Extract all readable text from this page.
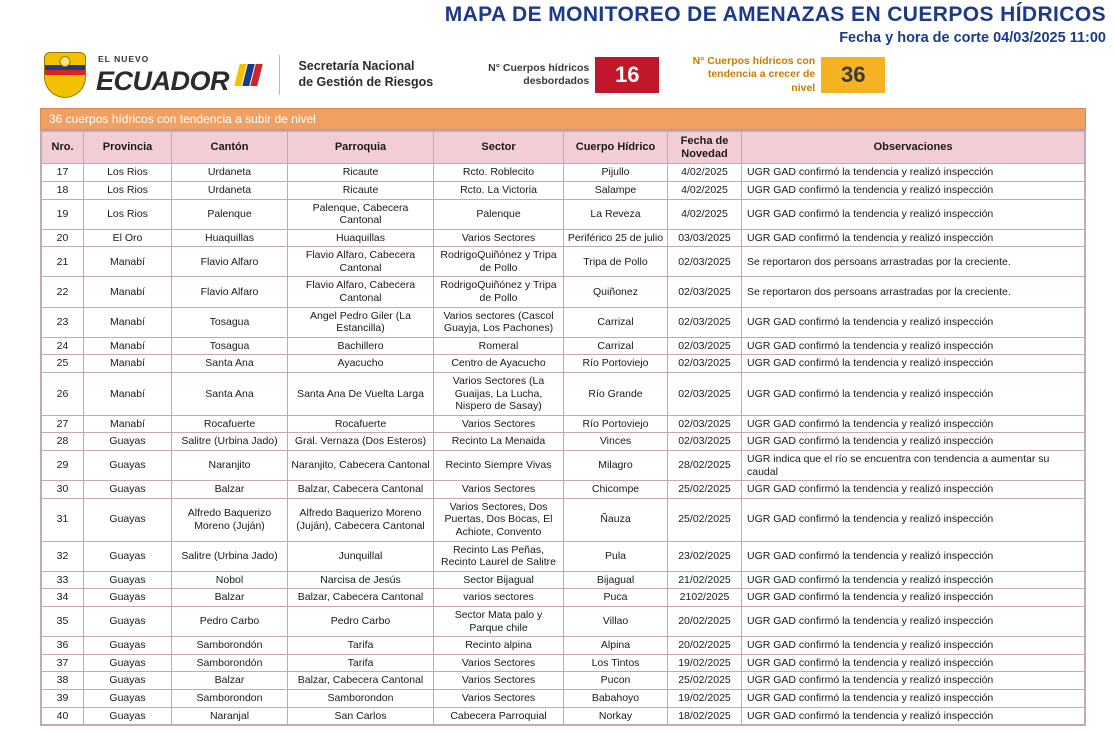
MAPA DE MONITOREO DE AMENAZAS EN CUERPOS HÍDRICOS
Fecha y hora de corte 04/03/2025 11:00
EL NUEVO
ECUADOR	Secretaría Nacional
de Gestión de Riesgos
N° Cuerpos hídricos desbordados	16
N° Cuerpos hídricos con tendencia a crecer de nivel
36
36 cuerpos hídricos con tendencia a subir de nivel
Nro.	Provincia	Cantón	Parroquia	Sector	Cuerpo Hídrico	Fecha de Novedad	Observaciones
17	Los Rios	Urdaneta	Ricaute	Rcto. Roblecito	Pijullo	4/02/2025	UGR GAD confirmó la tendencia y realizó inspección
18	Los Rios	Urdaneta	Ricaute	Rcto. La Victoria	Salampe	4/02/2025	UGR GAD confirmó la tendencia y realizó inspección
19	Los Rios	Palenque	Palenque, Cabecera Cantonal	Palenque	La Reveza	4/02/2025	UGR GAD confirmó la tendencia y realizó inspección
20	El Oro	Huaquillas	Huaquillas	Varios Sectores	Periférico 25 de julio	03/03/2025	UGR GAD confirmó la tendencia y realizó inspección
21	Manabí	Flavio Alfaro	Flavio Alfaro, Cabecera Cantonal	RodrigoQuiñónez y Tripa de Pollo	Tripa de Pollo	02/03/2025	Se reportaron dos persoans arrastradas por la creciente.
22	Manabí	Flavio Alfaro	Flavio Alfaro, Cabecera Cantonal	RodrigoQuiñónez y Tripa de Pollo	Quiñonez	02/03/2025	Se reportaron dos persoans arrastradas por la creciente.
23	Manabí	Tosagua	Angel Pedro Giler (La Estancilla)	Varios sectores (Cascol Guayja, Los Pachones)	Carrizal	02/03/2025	UGR GAD confirmó la tendencia y realizó inspección
24	Manabí	Tosagua	Bachillero	Romeral	Carrizal	02/03/2025	UGR GAD confirmó la tendencia y realizó inspección
25	Manabí	Santa Ana	Ayacucho	Centro de Ayacucho	Río Portoviejo	02/03/2025	UGR GAD confirmó la tendencia y realizó inspección
26	Manabí	Santa Ana	Santa Ana De Vuelta Larga	Varios Sectores (La Guaijas, La Lucha, Nispero de Sasay)	Río Grande	02/03/2025	UGR GAD confirmó la tendencia y realizó inspección
27	Manabí	Rocafuerte	Rocafuerte	Varios Sectores	Río Portoviejo	02/03/2025	UGR GAD confirmó la tendencia y realizó inspección
28	Guayas	Salitre (Urbina Jado)	Gral. Vernaza (Dos Esteros)	Recinto La Menaida	Vinces	02/03/2025	UGR GAD confirmó la tendencia y realizó inspección
29	Guayas	Naranjito	Naranjito, Cabecera Cantonal	Recinto Siempre Vivas	Milagro	28/02/2025	UGR indica que el río se encuentra con tendencia a aumentar su caudal
30	Guayas	Balzar	Balzar, Cabecera Cantonal	Varios Sectores	Chicompe	25/02/2025	UGR GAD confirmó la tendencia y realizó inspección
31	Guayas	Alfredo Baquerizo Moreno (Juján)	Alfredo Baquerizo Moreno (Juján), Cabecera Cantonal	Varios Sectores, Dos Puertas, Dos Bocas, El Achiote, Convento	Ñauza	25/02/2025	UGR GAD confirmó la tendencia y realizó inspección
32	Guayas	Salitre (Urbina Jado)	Junquillal	Recinto Las Peñas, Recinto Laurel de Salitre	Pula	23/02/2025	UGR GAD confirmó la tendencia y realizó inspección
33	Guayas	Nobol	Narcisa de Jesús	Sector Bijagual	Bijagual	21/02/2025	UGR GAD confirmó la tendencia y realizó inspección
34	Guayas	Balzar	Balzar, Cabecera Cantonal	varios sectores	Puca	2102/2025	UGR GAD confirmó la tendencia y realizó inspección
35	Guayas	Pedro Carbo	Pedro Carbo	Sector Mata palo y Parque chile	Villao	20/02/2025	UGR GAD confirmó la tendencia y realizó inspección
36	Guayas	Samborondón	Tarifa	Recinto alpina	Alpina	20/02/2025	UGR GAD confirmó la tendencia y realizó inspección
37	Guayas	Samborondón	Tarifa	Varios Sectores	Los Tintos	19/02/2025	UGR GAD confirmó la tendencia y realizó inspección
38	Guayas	Balzar	Balzar, Cabecera Cantonal	Varios Sectores	Pucon	25/02/2025	UGR GAD confirmó la tendencia y realizó inspección
39	Guayas	Samborondon	Samborondon	Varios Sectores	Babahoyo	19/02/2025	UGR GAD confirmó la tendencia y realizó inspección
40	Guayas	Naranjal	San Carlos	Cabecera Parroquial	Norkay	18/02/2025	UGR GAD confirmó la tendencia y realizó inspección
